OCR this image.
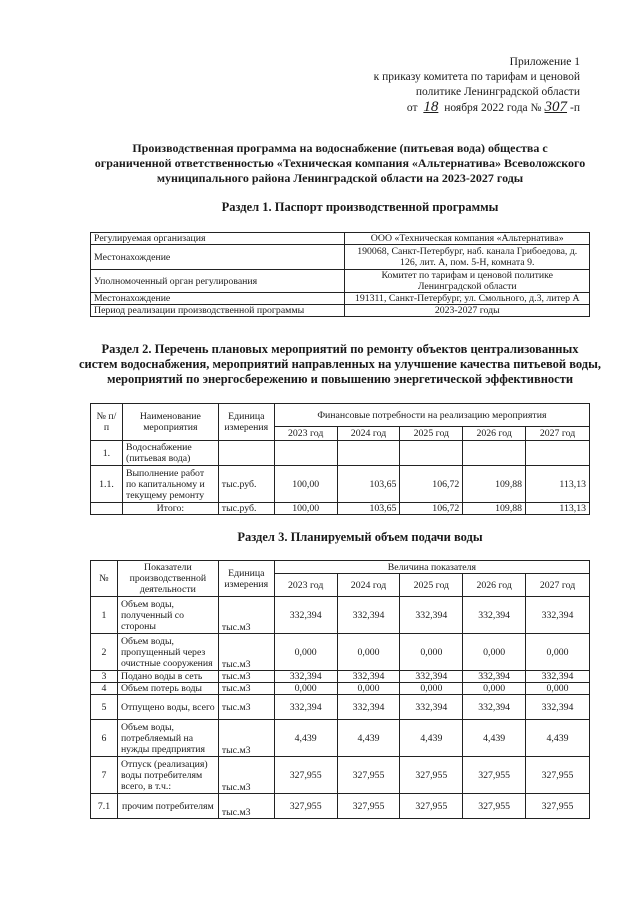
Приложение 1
к приказу комитета по тарифам и ценовой
политике Ленинградской области
от 18 ноября 2022 года № 307 -п
Производственная программа на водоснабжение (питьевая вода) общества с
ограниченной ответственностью «Техническая компания «Альтернатива» Всеволожского
муниципального района Ленинградской области на 2023-2027 годы
Раздел 1. Паспорт производственной программы
Регулируемая организация	ООО «Техническая компания «Альтернатива»
Местонахождение	190068, Санкт-Петербург, наб. канала Грибоедова, д. 126, лит. А, пом. 5-Н, комната 9.
Уполномоченный орган регулирования	Комитет по тарифам и ценовой политике Ленинградской области
Местонахождение	191311, Санкт-Петербург, ул. Смольного, д.3, литер А
Период реализации производственной программы	2023-2027 годы
Раздел 2. Перечень плановых мероприятий по ремонту объектов централизованных
систем водоснабжения, мероприятий направленных на улучшение качества питьевой воды,
мероприятий по энергосбережению и повышению энергетической эффективности
№ п/п	Наименование мероприятия	Единица измерения	Финансовые потребности на реализацию мероприятия				
			2023 год	2024 год	2025 год	2026 год	2027 год
1.	Водоснабжение (питьевая вода)						
1.1.	Выполнение работ по капитальному и текущему ремонту	тыс.руб.	100,00	103,65	106,72	109,88	113,13
	Итого:	тыс.руб.	100,00	103,65	106,72	109,88	113,13
Раздел 3. Планируемый объем подачи воды
№	Показатели производственной деятельности	Единица измерения	Величина показателя				
			2023 год	2024 год	2025 год	2026 год	2027 год
1	Объем воды, полученный со стороны	тыс.м3	332,394	332,394	332,394	332,394	332,394
2	Объем воды, пропущенный через очистные сооружения	тыс.м3	0,000	0,000	0,000	0,000	0,000
3	Подано воды в сеть	тыс.м3	332,394	332,394	332,394	332,394	332,394
4	Объем потерь воды	тыс.м3	0,000	0,000	0,000	0,000	0,000
5	Отпущено воды, всего	тыс.м3	332,394	332,394	332,394	332,394	332,394
6	Объем воды, потребляемый на нужды предприятия	тыс.м3	4,439	4,439	4,439	4,439	4,439
7	Отпуск (реализация) воды потребителям всего, в т.ч.:	тыс.м3	327,955	327,955	327,955	327,955	327,955
7.1	прочим потребителям	тыс.м3	327,955	327,955	327,955	327,955	327,955
